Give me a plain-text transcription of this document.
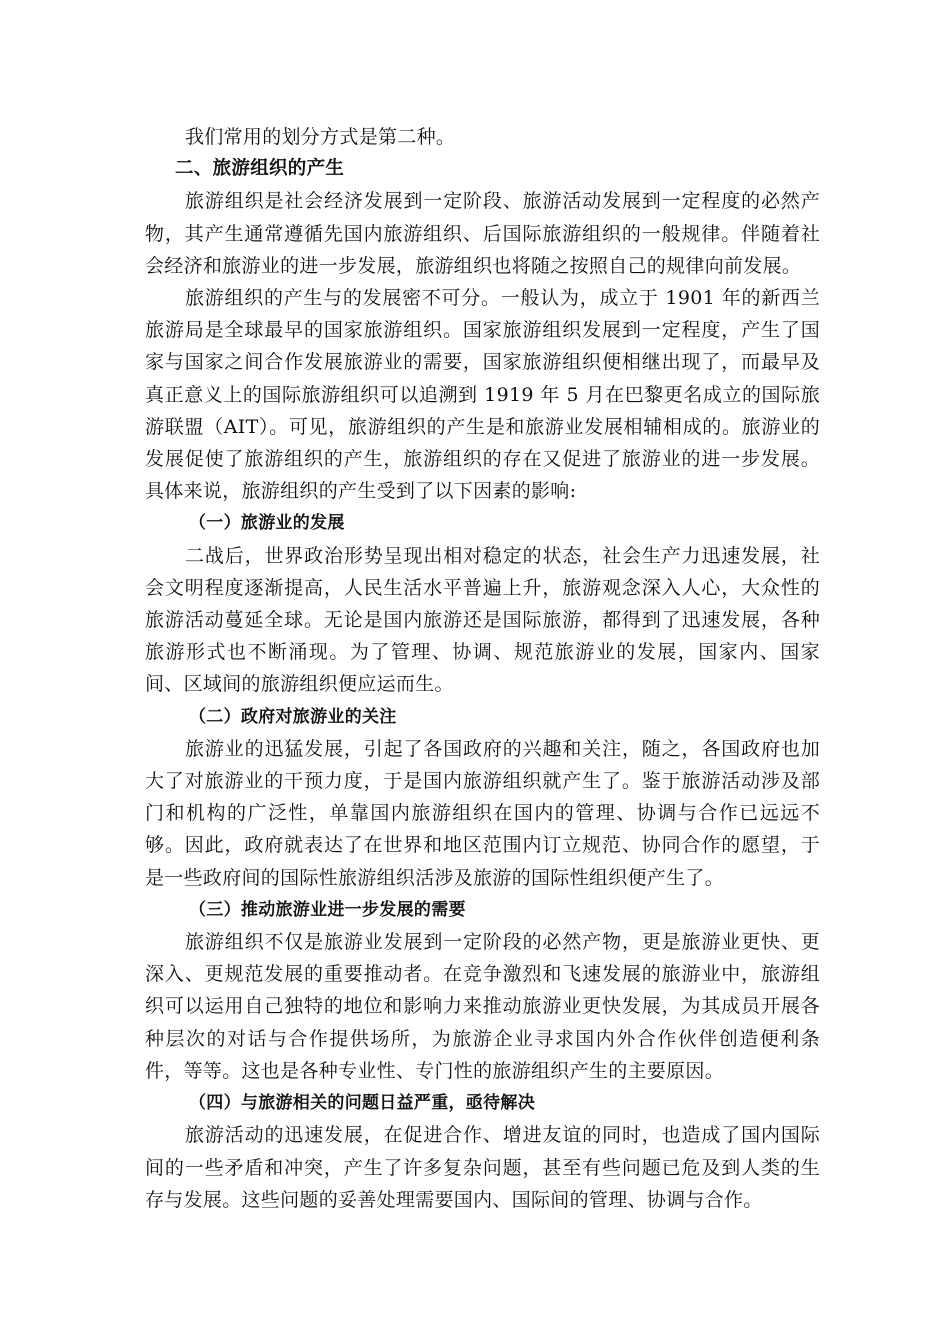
我们常用的划分方式是第二种。

二、旅游组织的产生

旅游组织是社会经济发展到一定阶段、旅游活动发展到一定程度的必然产物，其产生通常遵循先国内旅游组织、后国际旅游组织的一般规律。伴随着社会经济和旅游业的进一步发展，旅游组织也将随之按照自己的规律向前发展。

旅游组织的产生与的发展密不可分。一般认为，成立于 1901 年的新西兰旅游局是全球最早的国家旅游组织。国家旅游组织发展到一定程度，产生了国家与国家之间合作发展旅游业的需要，国家旅游组织便相继出现了，而最早及真正意义上的国际旅游组织可以追溯到 1919 年 5 月在巴黎更名成立的国际旅游联盟（AIT）。可见，旅游组织的产生是和旅游业发展相辅相成的。旅游业的发展促使了旅游组织的产生，旅游组织的存在又促进了旅游业的进一步发展。具体来说，旅游组织的产生受到了以下因素的影响:

（一）旅游业的发展

二战后，世界政治形势呈现出相对稳定的状态，社会生产力迅速发展，社会文明程度逐渐提高，人民生活水平普遍上升，旅游观念深入人心，大众性的旅游活动蔓延全球。无论是国内旅游还是国际旅游，都得到了迅速发展，各种旅游形式也不断涌现。为了管理、协调、规范旅游业的发展，国家内、国家间、区域间的旅游组织便应运而生。

（二）政府对旅游业的关注

旅游业的迅猛发展，引起了各国政府的兴趣和关注，随之，各国政府也加大了对旅游业的干预力度，于是国内旅游组织就产生了。鉴于旅游活动涉及部门和机构的广泛性，单靠国内旅游组织在国内的管理、协调与合作已远远不够。因此，政府就表达了在世界和地区范围内订立规范、协同合作的愿望，于是一些政府间的国际性旅游组织活涉及旅游的国际性组织便产生了。

（三）推动旅游业进一步发展的需要

旅游组织不仅是旅游业发展到一定阶段的必然产物，更是旅游业更快、更深入、更规范发展的重要推动者。在竞争激烈和飞速发展的旅游业中，旅游组织可以运用自己独特的地位和影响力来推动旅游业更快发展，为其成员开展各种层次的对话与合作提供场所，为旅游企业寻求国内外合作伙伴创造便利条件，等等。这也是各种专业性、专门性的旅游组织产生的主要原因。

（四）与旅游相关的问题日益严重，亟待解决

旅游活动的迅速发展，在促进合作、增进友谊的同时，也造成了国内国际间的一些矛盾和冲突，产生了许多复杂问题，甚至有些问题已危及到人类的生存与发展。这些问题的妥善处理需要国内、国际间的管理、协调与合作。
